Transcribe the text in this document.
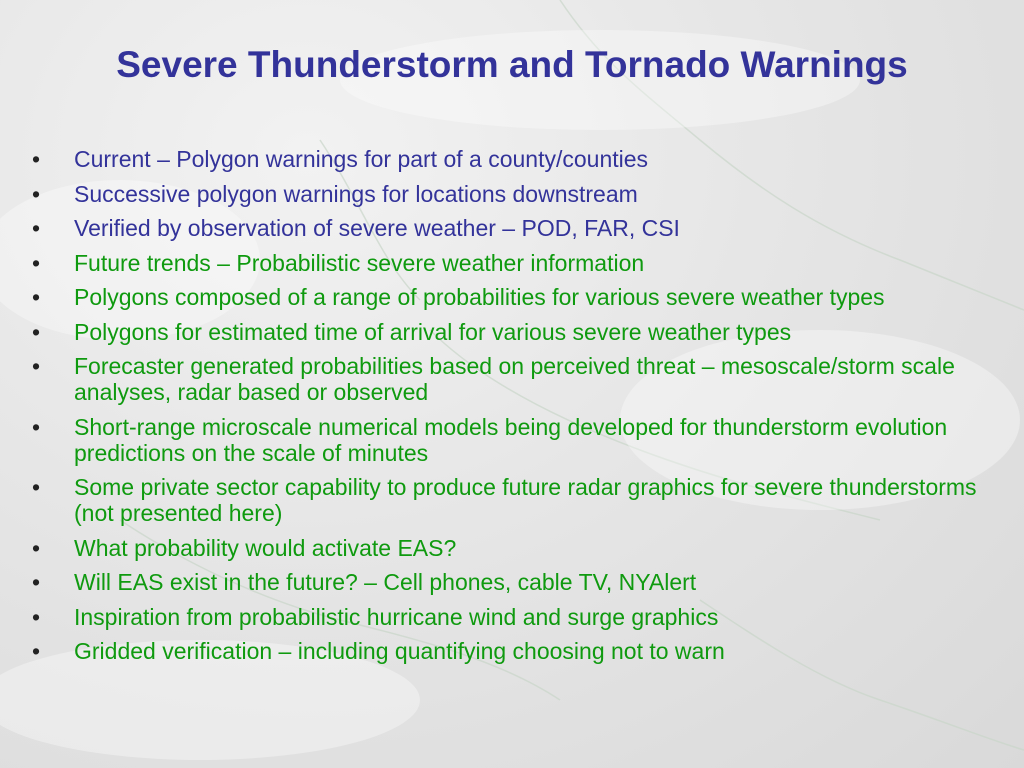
Severe Thunderstorm and Tornado Warnings
• Current – Polygon warnings for part of a county/counties
• Successive polygon warnings for locations downstream
• Verified by observation of severe weather – POD, FAR, CSI
• Future trends – Probabilistic severe weather information
• Polygons composed of a range of probabilities for various severe weather types
• Polygons for estimated time of arrival for various severe weather types
• Forecaster generated probabilities based on perceived threat – mesoscale/storm scale analyses, radar based or observed
• Short-range microscale numerical models being developed for thunderstorm evolution predictions on the scale of minutes
• Some private sector capability to produce future radar graphics for severe thunderstorms (not presented here)
• What probability would activate EAS?
• Will EAS exist in the future? – Cell phones, cable TV, NYAlert
• Inspiration from probabilistic hurricane wind and surge graphics
• Gridded verification – including quantifying choosing not to warn
